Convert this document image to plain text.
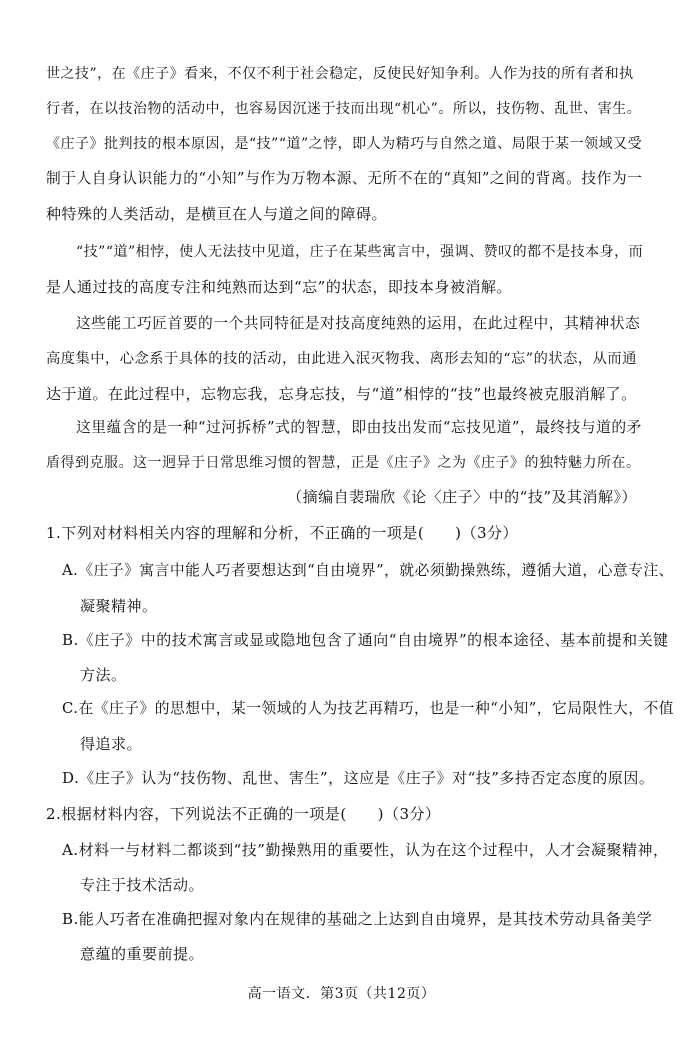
世之技”，在《庄子》看来，不仅不利于社会稳定，反使民好知争利。人作为技的所有者和执
行者，在以技治物的活动中，也容易因沉迷于技而出现“机心”。所以，技伤物、乱世、害生。
《庄子》批判技的根本原因，是“技”“道”之悖，即人为精巧与自然之道、局限于某一领域又受
制于人自身认识能力的“小知”与作为万物本源、无所不在的“真知”之间的背离。技作为一
种特殊的人类活动，是横亘在人与道之间的障碍。
“技”“道”相悖，使人无法技中见道，庄子在某些寓言中，强调、赞叹的都不是技本身，而
是人通过技的高度专注和纯熟而达到“忘”的状态，即技本身被消解。
这些能工巧匠首要的一个共同特征是对技高度纯熟的运用，在此过程中，其精神状态
高度集中，心念系于具体的技的活动，由此进入泯灭物我、离形去知的“忘”的状态，从而通
达于道。在此过程中，忘物忘我，忘身忘技，与“道”相悖的“技”也最终被克服消解了。
这里蕴含的是一种“过河拆桥”式的智慧，即由技出发而“忘技见道”，最终技与道的矛
盾得到克服。这一迥异于日常思维习惯的智慧，正是《庄子》之为《庄子》的独特魅力所在。
（摘编自裴瑞欣《论〈庄子〉中的“技”及其消解》）
1.下列对材料相关内容的理解和分析，不正确的一项是(　　)（3分）
A.《庄子》寓言中能人巧者要想达到“自由境界”，就必须勤操熟练，遵循大道，心意专注、
凝聚精神。
B.《庄子》中的技术寓言或显或隐地包含了通向“自由境界”的根本途径、基本前提和关键
方法。
C.在《庄子》的思想中，某一领域的人为技艺再精巧，也是一种“小知”，它局限性大，不值
得追求。
D.《庄子》认为“技伤物、乱世、害生”，这应是《庄子》对“技”多持否定态度的原因。
2.根据材料内容，下列说法不正确的一项是(　　)（3分）
A.材料一与材料二都谈到“技”勤操熟用的重要性，认为在这个过程中，人才会凝聚精神，
专注于技术活动。
B.能人巧者在准确把握对象内在规律的基础之上达到自由境界，是其技术劳动具备美学
意蕴的重要前提。
高一语文．第3页（共12页）
